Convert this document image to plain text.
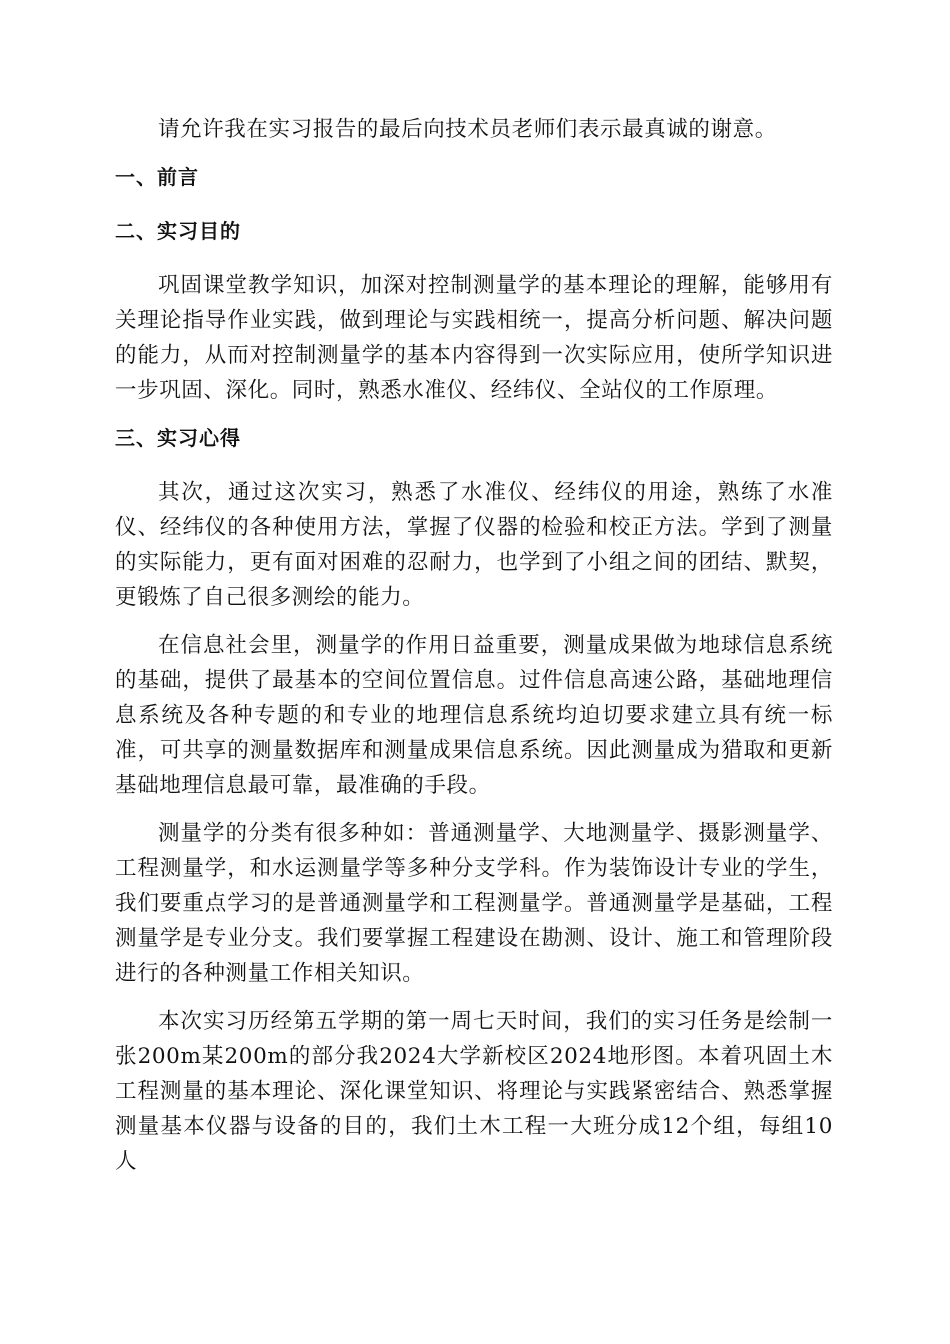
请允许我在实习报告的最后向技术员老师们表示最真诚的谢意。

一、前言

二、实习目的

巩固课堂教学知识，加深对控制测量学的基本理论的理解，能够用有关理论指导作业实践，做到理论与实践相统一，提高分析问题、解决问题的能力，从而对控制测量学的基本内容得到一次实际应用，使所学知识进一步巩固、深化。同时，熟悉水准仪、经纬仪、全站仪的工作原理。

三、实习心得

其次，通过这次实习，熟悉了水准仪、经纬仪的用途，熟练了水准仪、经纬仪的各种使用方法，掌握了仪器的检验和校正方法。学到了测量的实际能力，更有面对困难的忍耐力，也学到了小组之间的团结、默契，更锻炼了自己很多测绘的能力。

在信息社会里，测量学的作用日益重要，测量成果做为地球信息系统的基础，提供了最基本的空间位置信息。过件信息高速公路，基础地理信息系统及各种专题的和专业的地理信息系统均迫切要求建立具有统一标准，可共享的测量数据库和测量成果信息系统。因此测量成为猎取和更新基础地理信息最可靠，最准确的手段。

测量学的分类有很多种如：普通测量学、大地测量学、摄影测量学、工程测量学，和水运测量学等多种分支学科。作为装饰设计专业的学生，我们要重点学习的是普通测量学和工程测量学。普通测量学是基础，工程测量学是专业分支。我们要掌握工程建设在勘测、设计、施工和管理阶段进行的各种测量工作相关知识。

本次实习历经第五学期的第一周七天时间，我们的实习任务是绘制一张200m某200m的部分我2024大学新校区2024地形图。本着巩固土木工程测量的基本理论、深化课堂知识、将理论与实践紧密结合、熟悉掌握测量基本仪器与设备的目的，我们土木工程一大班分成12个组，每组10人
